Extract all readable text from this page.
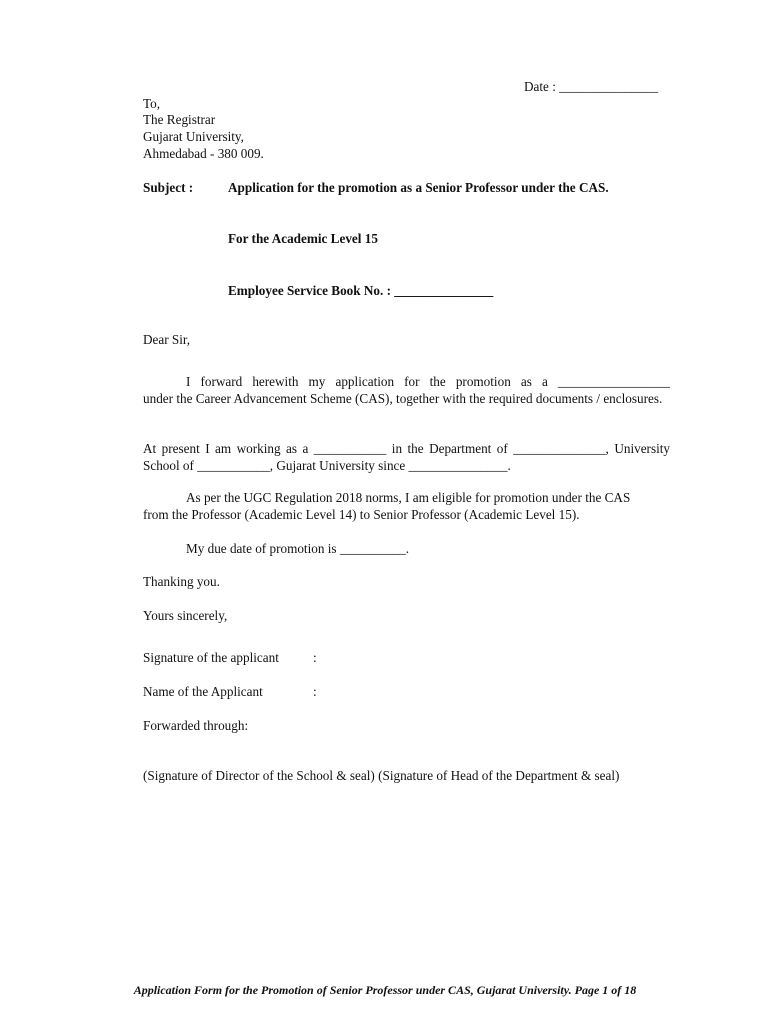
Date : _______________
To,
The Registrar
Gujarat University,
Ahmedabad - 380 009.
Subject :	Application for the promotion as a Senior Professor under the CAS.
For the Academic Level 15
Employee Service Book No. : _______________
Dear Sir,
I forward herewith my application for the promotion as a _________________
under the Career Advancement Scheme (CAS), together with the required documents / enclosures.
At present I am working as a ___________ in the Department of ______________, University School of ___________, Gujarat University since _______________.
As per the UGC Regulation 2018 norms, I am eligible for promotion under the CAS
from the Professor (Academic Level 14) to Senior Professor (Academic Level 15).
My due date of promotion is __________.
Thanking you.
Yours sincerely,
Signature of the applicant	:
Name of the Applicant	:
Forwarded through:
(Signature of Director of the School & seal) (Signature of Head of the Department & seal)
Application Form for the Promotion of Senior Professor under CAS, Gujarat University. Page 1 of 18
